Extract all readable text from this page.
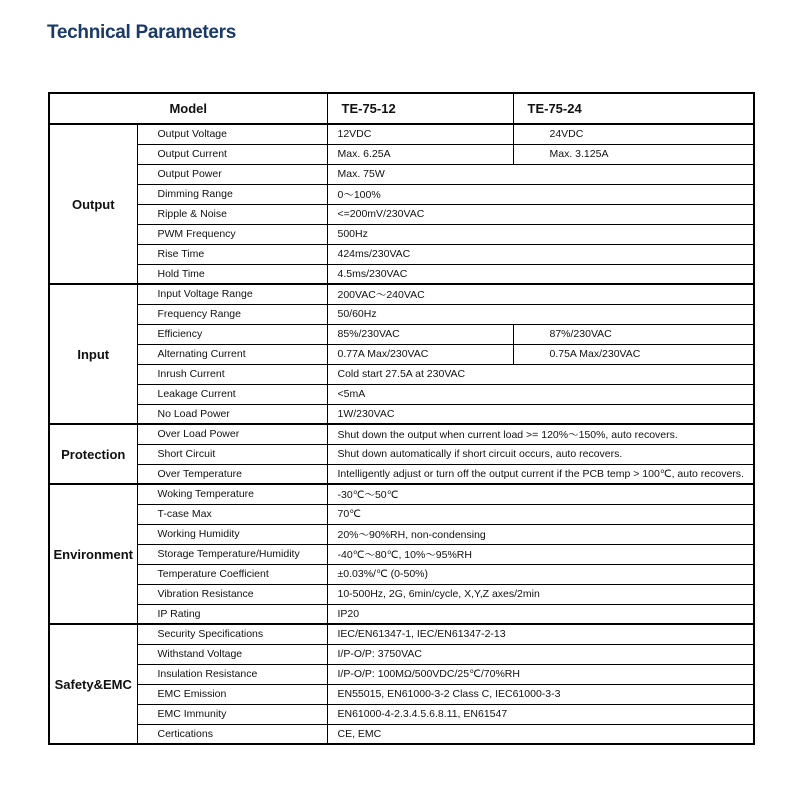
Technical Parameters
Model		TE-75-12	TE-75-24
Output	Output Voltage	12VDC	24VDC
	Output Current	Max. 6.25A	Max. 3.125A
	Output Power	Max. 75W	
	Dimming Range	0～100%	
	Ripple & Noise	<=200mV/230VAC	
	PWM Frequency	500Hz	
	Rise Time	424ms/230VAC	
	Hold Time	4.5ms/230VAC	
Input	Input Voltage Range	200VAC～240VAC	
	Frequency Range	50/60Hz	
	Efficiency	85%/230VAC	87%/230VAC
	Alternating Current	0.77A Max/230VAC	0.75A Max/230VAC
	Inrush Current	Cold start 27.5A at 230VAC	
	Leakage Current	<5mA	
	No Load Power	1W/230VAC	
Protection	Over Load Power	Shut down the output when current load >= 120%～150%, auto recovers.	
	Short Circuit	Shut down automatically if short circuit occurs, auto recovers.	
	Over Temperature	Intelligently adjust or turn off the output current if the PCB temp > 100℃, auto recovers.	
Environment	Woking Temperature	-30℃～50℃	
	T-case Max	70℃	
	Working Humidity	20%～90%RH, non-condensing	
	Storage Temperature/Humidity	-40℃～80℃, 10%～95%RH	
	Temperature Coefficient	±0.03%/℃ (0-50%)	
	Vibration Resistance	10-500Hz, 2G, 6min/cycle, X,Y,Z axes/2min	
	IP Rating	IP20	
Safety&EMC	Security Specifications	IEC/EN61347-1, IEC/EN61347-2-13	
	Withstand Voltage	I/P-O/P: 3750VAC	
	Insulation Resistance	I/P-O/P: 100MΩ/500VDC/25℃/70%RH	
	EMC Emission	EN55015, EN61000-3-2 Class C, IEC61000-3-3	
	EMC Immunity	EN61000-4-2.3.4.5.6.8.11, EN61547	
	Certications	CE, EMC	
